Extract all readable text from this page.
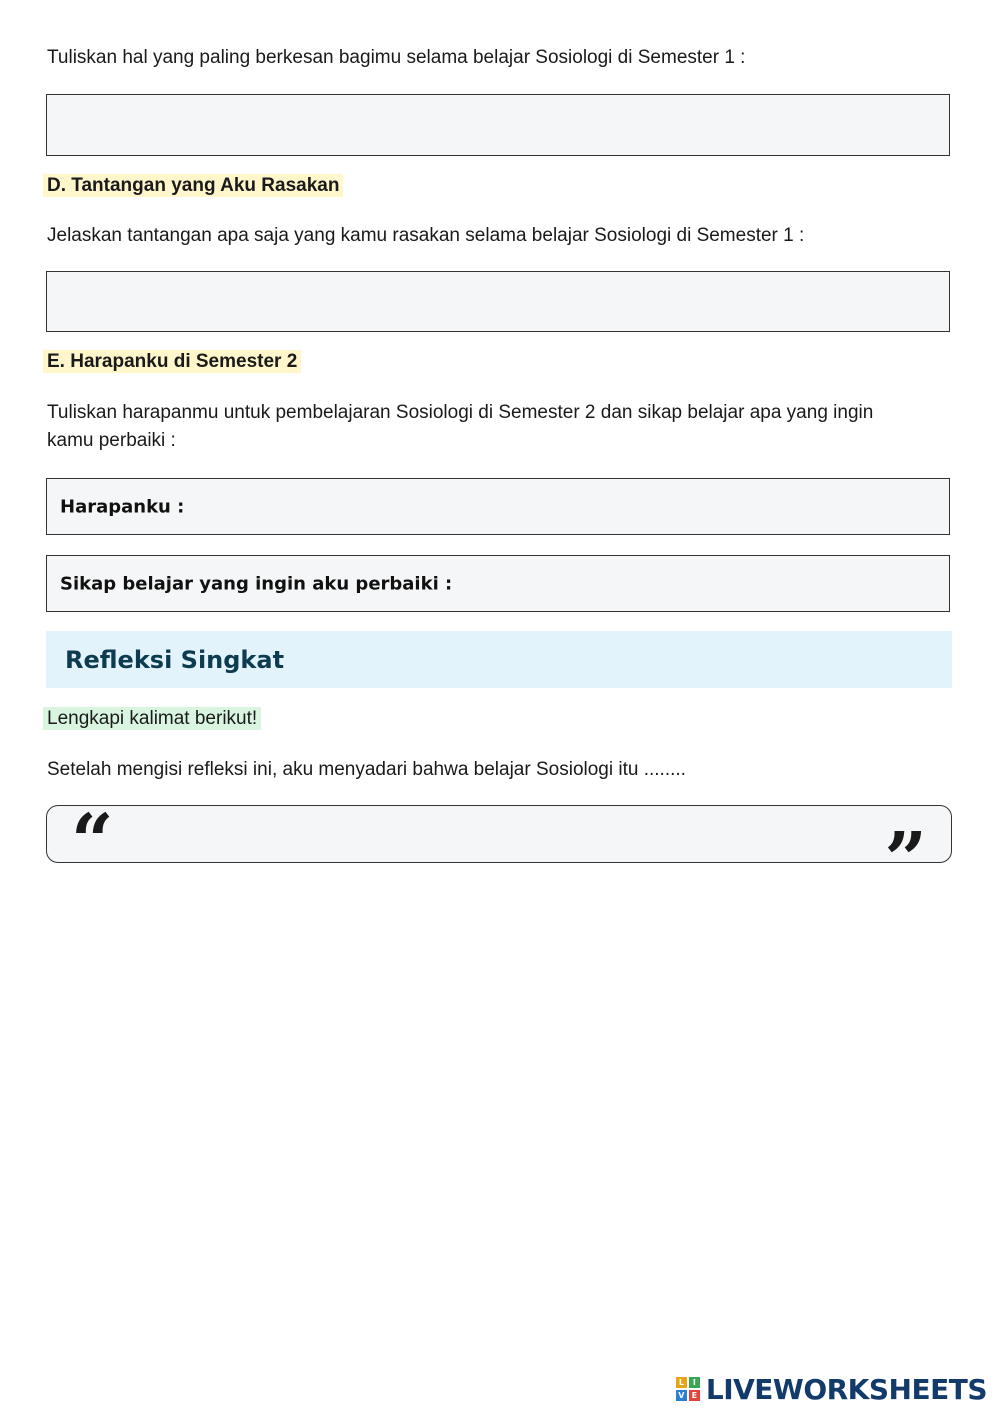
Tuliskan hal yang paling berkesan bagimu selama belajar Sosiologi di Semester 1 :
D. Tantangan yang Aku Rasakan
Jelaskan tantangan apa saja yang kamu rasakan selama belajar Sosiologi di Semester 1 :
E. Harapanku di Semester 2
Tuliskan harapanmu untuk pembelajaran Sosiologi di Semester 2 dan sikap belajar apa yang ingin
kamu perbaiki :
Harapanku :
Sikap belajar yang ingin aku perbaiki :
Refleksi Singkat
Lengkapi kalimat berikut!
Setelah mengisi refleksi ini, aku menyadari bahwa belajar Sosiologi itu ........
“	”
L	I
V E LIVEWORKSHEETS
